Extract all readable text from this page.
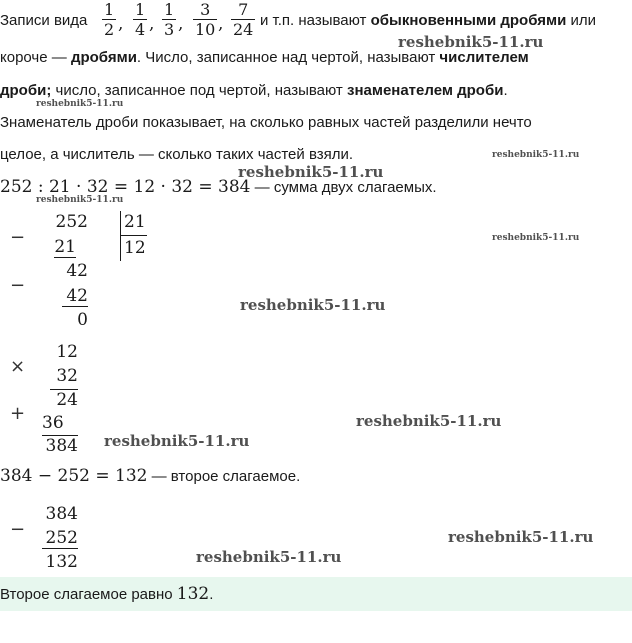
Записи вида $\frac{1}{2}$ , $\frac{1}{4}$ , $\frac{1}{3}$ , $\frac{3}{10}$ , $\frac{7}{24}$ и т.п. называют обыкновенными дробями или
короче — дробями. Число, записанное над чертой, называют числителем
дроби; число, записанное под чертой, называют знаменателем дроби.
Знаменатель дроби показывает, на сколько равных частей разделили нечто
целое, а числитель — сколько таких частей взяли.
252 : 21 · 32 = 12 · 32 = 384 — сумма двух слагаемых.
−
252 21
12
21
−
42
42
0
×
12
32
24
+ 36
384
384 − 252 = 132 — второе слагаемое.
−
384
252
132
Второе слагаемое равно 132.
reshebnik5-11.ru
reshebnik5-11.ru
reshebnik5-11.ru
reshebnik5-11.ru
reshebnik5-11.ru
reshebnik5-11.ru
reshebnik5-11.ru
reshebnik5-11.ru
reshebnik5-11.ru
reshebnik5-11.ru
reshebnik5-11.ru
